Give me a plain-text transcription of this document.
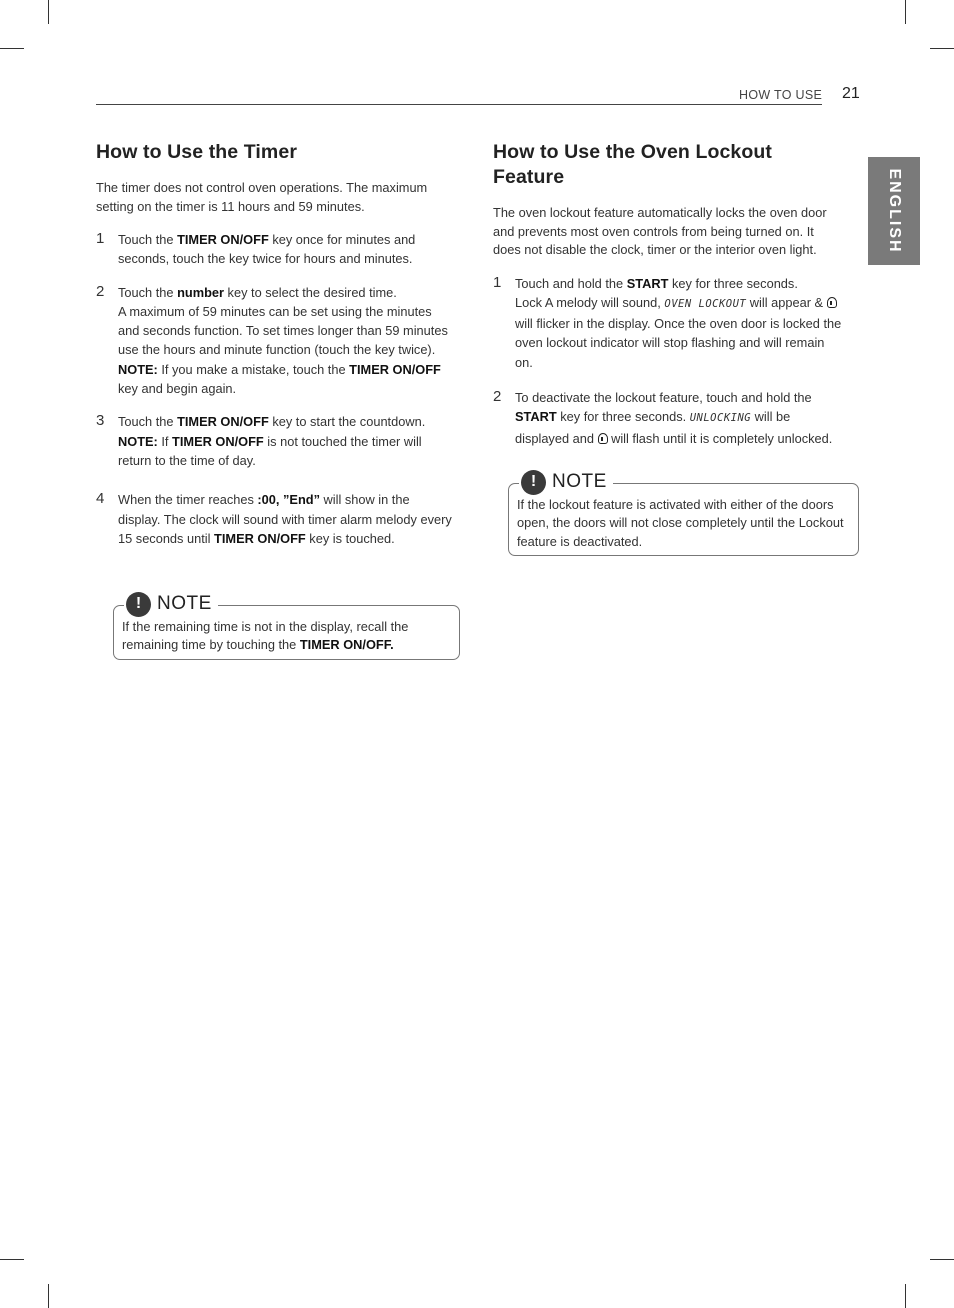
HOW TO USE 21
ENGLISH
How to Use the Timer

The timer does not control oven operations. The maximum setting on the timer is 11 hours and 59 minutes.

1 Touch the TIMER ON/OFF key once for minutes and seconds, touch the key twice for hours and minutes.

2 Touch the number key to select the desired time.

A maximum of 59 minutes can be set using the minutes and seconds function. To set times longer than 59 minutes use the hours and minute function (touch the key twice).

NOTE: If you make a mistake, touch the TIMER ON/OFF key and begin again.

3 Touch the TIMER ON/OFF key to start the countdown.

NOTE: If TIMER ON/OFF is not touched the timer will return to the time of day.

4 When the timer reaches :00, ”End” will show in the display. The clock will sound with timer alarm melody every 15 seconds until TIMER ON/OFF key is touched.

! NOTE

If the remaining time is not in the display, recall the remaining time by touching the TIMER ON/OFF.

How to Use the Oven Lockout Feature

The oven lockout feature automatically locks the oven door and prevents most oven controls from being turned on. It does not disable the clock, timer or the interior oven light.

1 Touch and hold the START key for three seconds.

Lock A melody will sound, OVEN LOCKOUT will appear &  will flicker in the display. Once the oven door is locked the oven lockout indicator will stop flashing and will remain on.

2 To deactivate the lockout feature, touch and hold the START key for three seconds. UNLOCKING will be displayed and  will flash until it is completely unlocked.

! NOTE

If the lockout feature is activated with either of the doors open, the doors will not close completely until the Lockout feature is deactivated.
